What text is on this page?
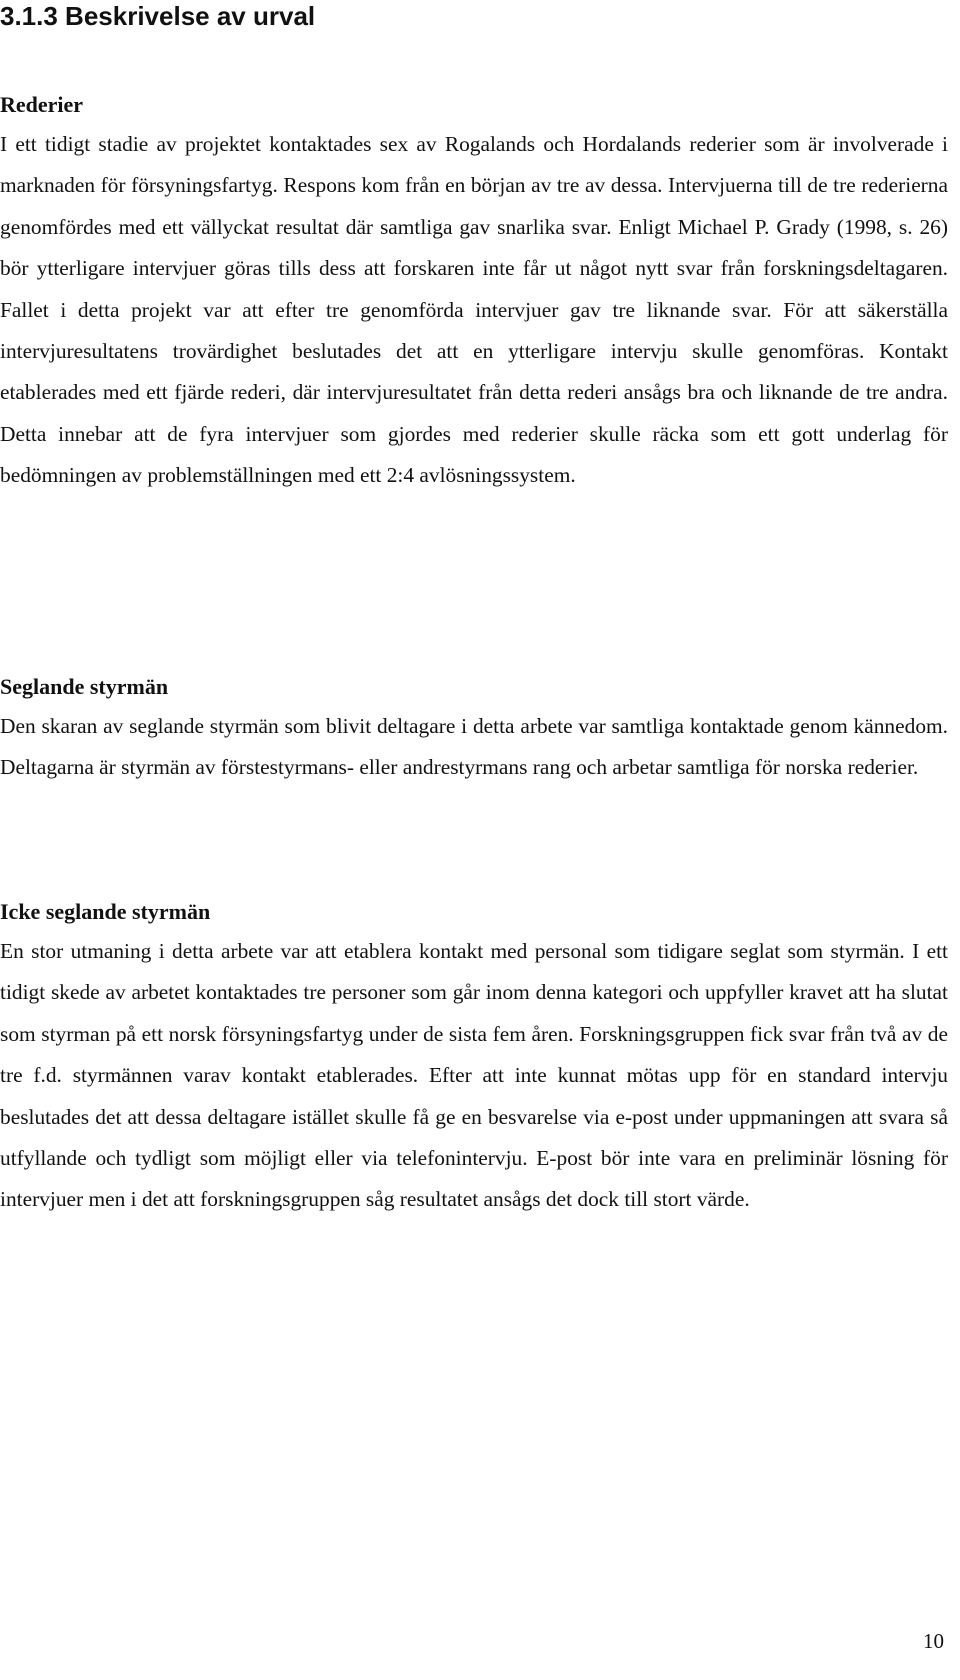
3.1.3 Beskrivelse av urval
Rederier

I ett tidigt stadie av projektet kontaktades sex av Rogalands och Hordalands rederier som är involverade i marknaden för försyningsfartyg. Respons kom från en början av tre av dessa. Intervjuerna till de tre rederierna genomfördes med ett vällyckat resultat där samtliga gav snarlika svar. Enligt Michael P. Grady (1998, s. 26) bör ytterligare intervjuer göras tills dess att forskaren inte får ut något nytt svar från forskningsdeltagaren. Fallet i detta projekt var att efter tre genomförda intervjuer gav tre liknande svar. För att säkerställa intervjuresultatens trovärdighet beslutades det att en ytterligare intervju skulle genomföras. Kontakt etablerades med ett fjärde rederi, där intervjuresultatet från detta rederi ansågs bra och liknande de tre andra. Detta innebar att de fyra intervjuer som gjordes med rederier skulle räcka som ett gott underlag för bedömningen av problemställningen med ett 2:4 avlösningssystem.

Seglande styrmän

Den skaran av seglande styrmän som blivit deltagare i detta arbete var samtliga kontaktade genom kännedom. Deltagarna är styrmän av förstestyrmans- eller andrestyrmans rang och arbetar samtliga för norska rederier.

Icke seglande styrmän

En stor utmaning i detta arbete var att etablera kontakt med personal som tidigare seglat som styrmän. I ett tidigt skede av arbetet kontaktades tre personer som går inom denna kategori och uppfyller kravet att ha slutat som styrman på ett norsk försyningsfartyg under de sista fem åren. Forskningsgruppen fick svar från två av de tre f.d. styrmännen varav kontakt etablerades. Efter att inte kunnat mötas upp för en standard intervju beslutades det att dessa deltagare istället skulle få ge en besvarelse via e-post under uppmaningen att svara så utfyllande och tydligt som möjligt eller via telefonintervju. E-post bör inte vara en preliminär lösning för intervjuer men i det att forskningsgruppen såg resultatet ansågs det dock till stort värde.

10
